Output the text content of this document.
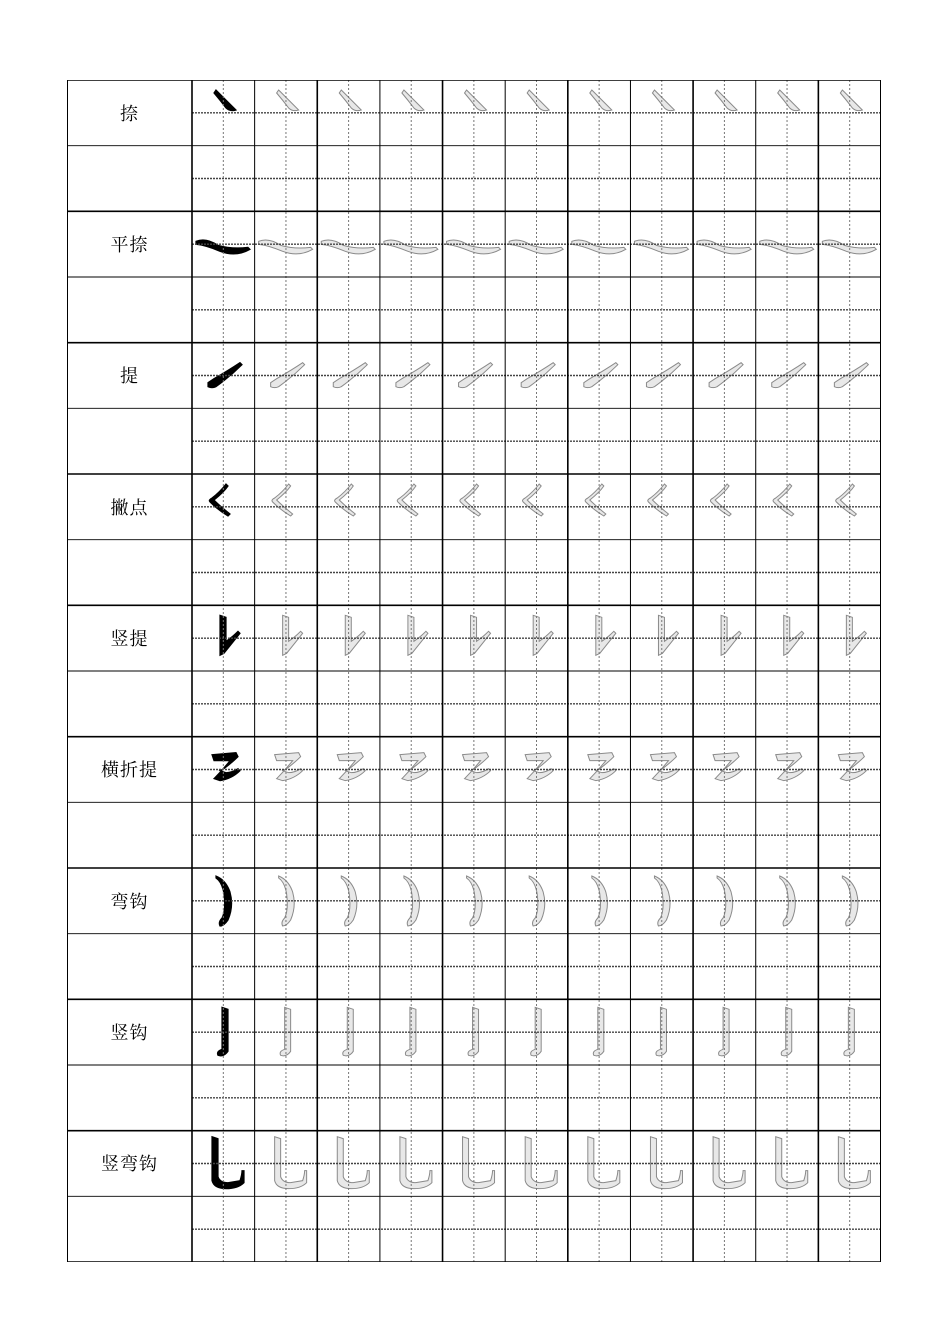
捺
平捺
提
撇点
竖提
横折提
弯钩
竖钩
竖弯钩
